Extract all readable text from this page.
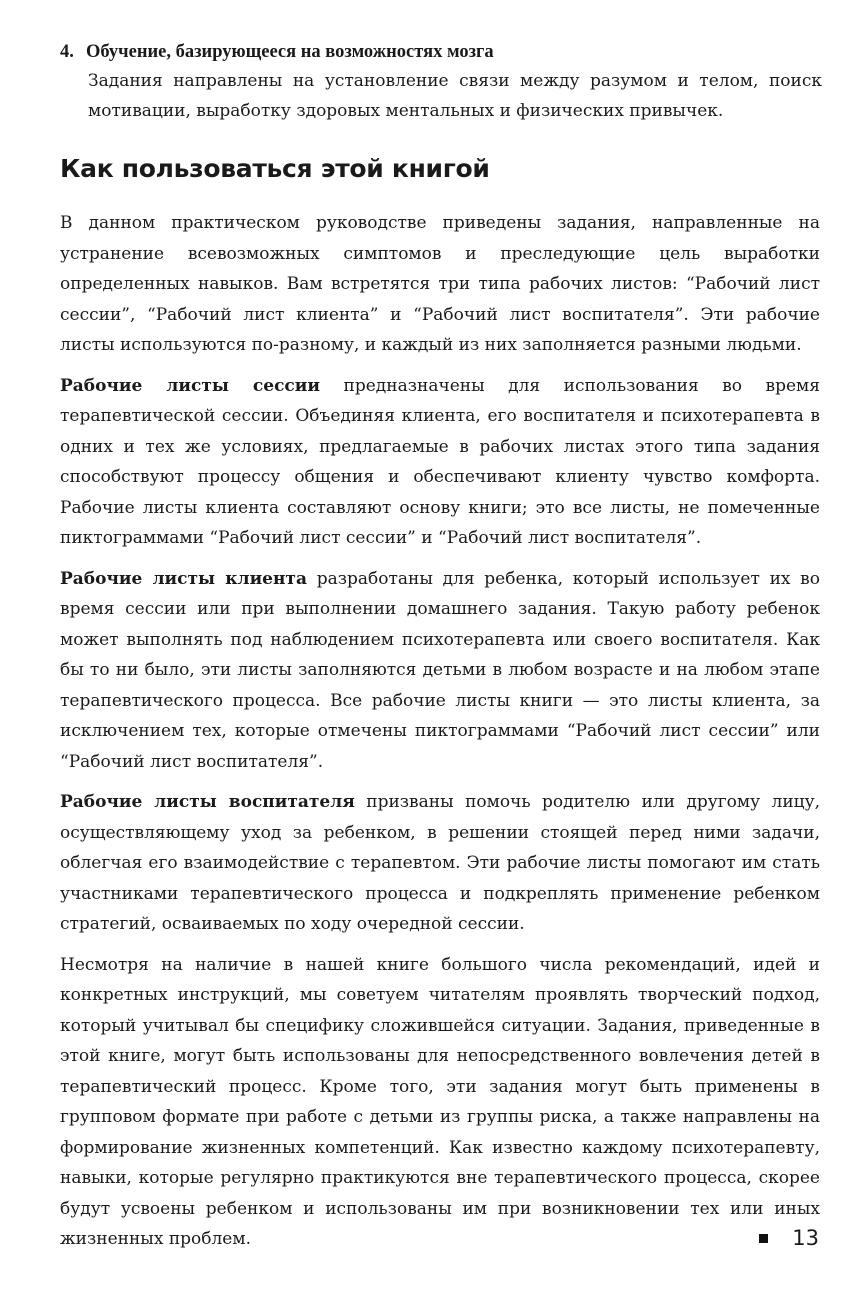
4. Обучение, базирующееся на возможностях мозга

Задания направлены на установление связи между разумом и телом, поиск мотивации, выработку здоровых ментальных и физических привычек.

Как пользоваться этой книгой

В данном практическом руководстве приведены задания, направленные на устранение всевозможных симптомов и преследующие цель выработки определенных навыков. Вам встретятся три типа рабочих листов: “Рабочий лист сессии”, “Рабочий лист клиента” и “Рабочий лист воспитателя”. Эти рабочие листы используются по-разному, и каждый из них заполняется разными людьми.

Рабочие листы сессии предназначены для использования во время терапевтической сессии. Объединяя клиента, его воспитателя и психотерапевта в одних и тех же условиях, предлагаемые в рабочих листах этого типа задания способствуют процессу общения и обеспечивают клиенту чувство комфорта. Рабочие листы клиента составляют основу книги; это все листы, не помеченные пиктограммами “Рабочий лист сессии” и “Рабочий лист воспитателя”.

Рабочие листы клиента разработаны для ребенка, который использует их во время сессии или при выполнении домашнего задания. Такую работу ребенок может выполнять под наблюдением психотерапевта или своего воспитателя. Как бы то ни было, эти листы заполняются детьми в любом возрасте и на любом этапе терапевтического процесса. Все рабочие листы книги — это листы клиента, за исключением тех, которые отмечены пиктограммами “Рабочий лист сессии” или “Рабочий лист воспитателя”.

Рабочие листы воспитателя призваны помочь родителю или другому лицу, осуществляющему уход за ребенком, в решении стоящей перед ними задачи, облегчая его взаимодействие с терапевтом. Эти рабочие листы помогают им стать участниками терапевтического процесса и подкреплять применение ребенком стратегий, осваиваемых по ходу очередной сессии.

Несмотря на наличие в нашей книге большого числа рекомендаций, идей и конкретных инструкций, мы советуем читателям проявлять творческий подход, который учитывал бы специфику сложившейся ситуации. Задания, приведенные в этой книге, могут быть использованы для непосредственного вовлечения детей в терапевтический процесс. Кроме того, эти задания могут быть применены в групповом формате при работе с детьми из группы риска, а также направлены на формирование жизненных компетенций. Как известно каждому психотерапевту, навыки, которые регулярно практикуются вне терапевтического процесса, скорее будут усвоены ребенком и использованы им при возникновении тех или иных жизненных проблем.	13
